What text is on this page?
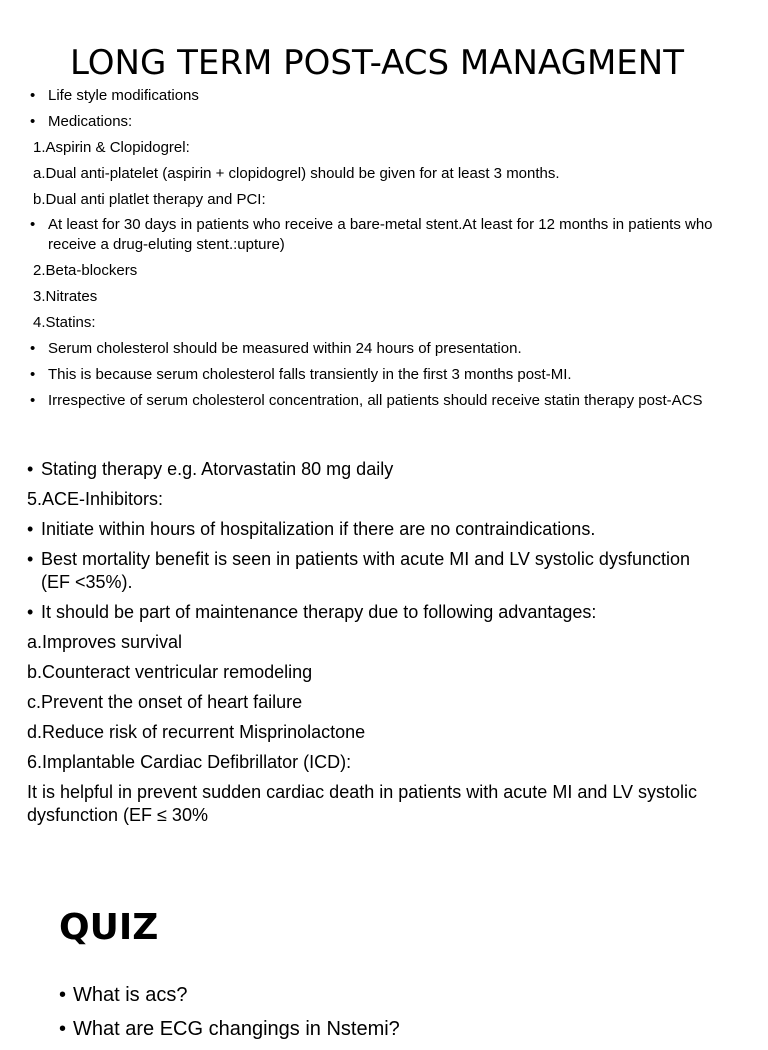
LONG TERM POST-ACS MANAGMENT
• Life style modifications
• Medications:
1.Aspirin & Clopidogrel:
a.Dual anti-platelet (aspirin + clopidogrel) should be given for at least 3 months.
b.Dual anti platlet therapy and PCI:
• At least for 30 days in patients who receive a bare-metal stent.At least for 12 months in patients who receive a drug-eluting stent.:upture)
2.Beta-blockers
3.Nitrates
4.Statins:
• Serum cholesterol should be measured within 24 hours of presentation.
• This is because serum cholesterol falls transiently in the first 3 months post-MI.
• Irrespective of serum cholesterol concentration, all patients should receive statin therapy post-ACS
• Stating therapy e.g. Atorvastatin 80 mg daily
5.ACE-Inhibitors:
• Initiate within hours of hospitalization if there are no contraindications.
• Best mortality benefit is seen in patients with acute MI and LV systolic dysfunction (EF <35%).
• It should be part of maintenance therapy due to following advantages:
a.Improves survival
b.Counteract ventricular remodeling
c.Prevent the onset of heart failure
d.Reduce risk of recurrent Misprinolactone
6.Implantable Cardiac Defibrillator (ICD):
It is helpful in prevent sudden cardiac death in patients with acute MI and LV systolic dysfunction (EF ≤ 30%
QUIZ
• What is acs?
• What are ECG changings in Nstemi?
